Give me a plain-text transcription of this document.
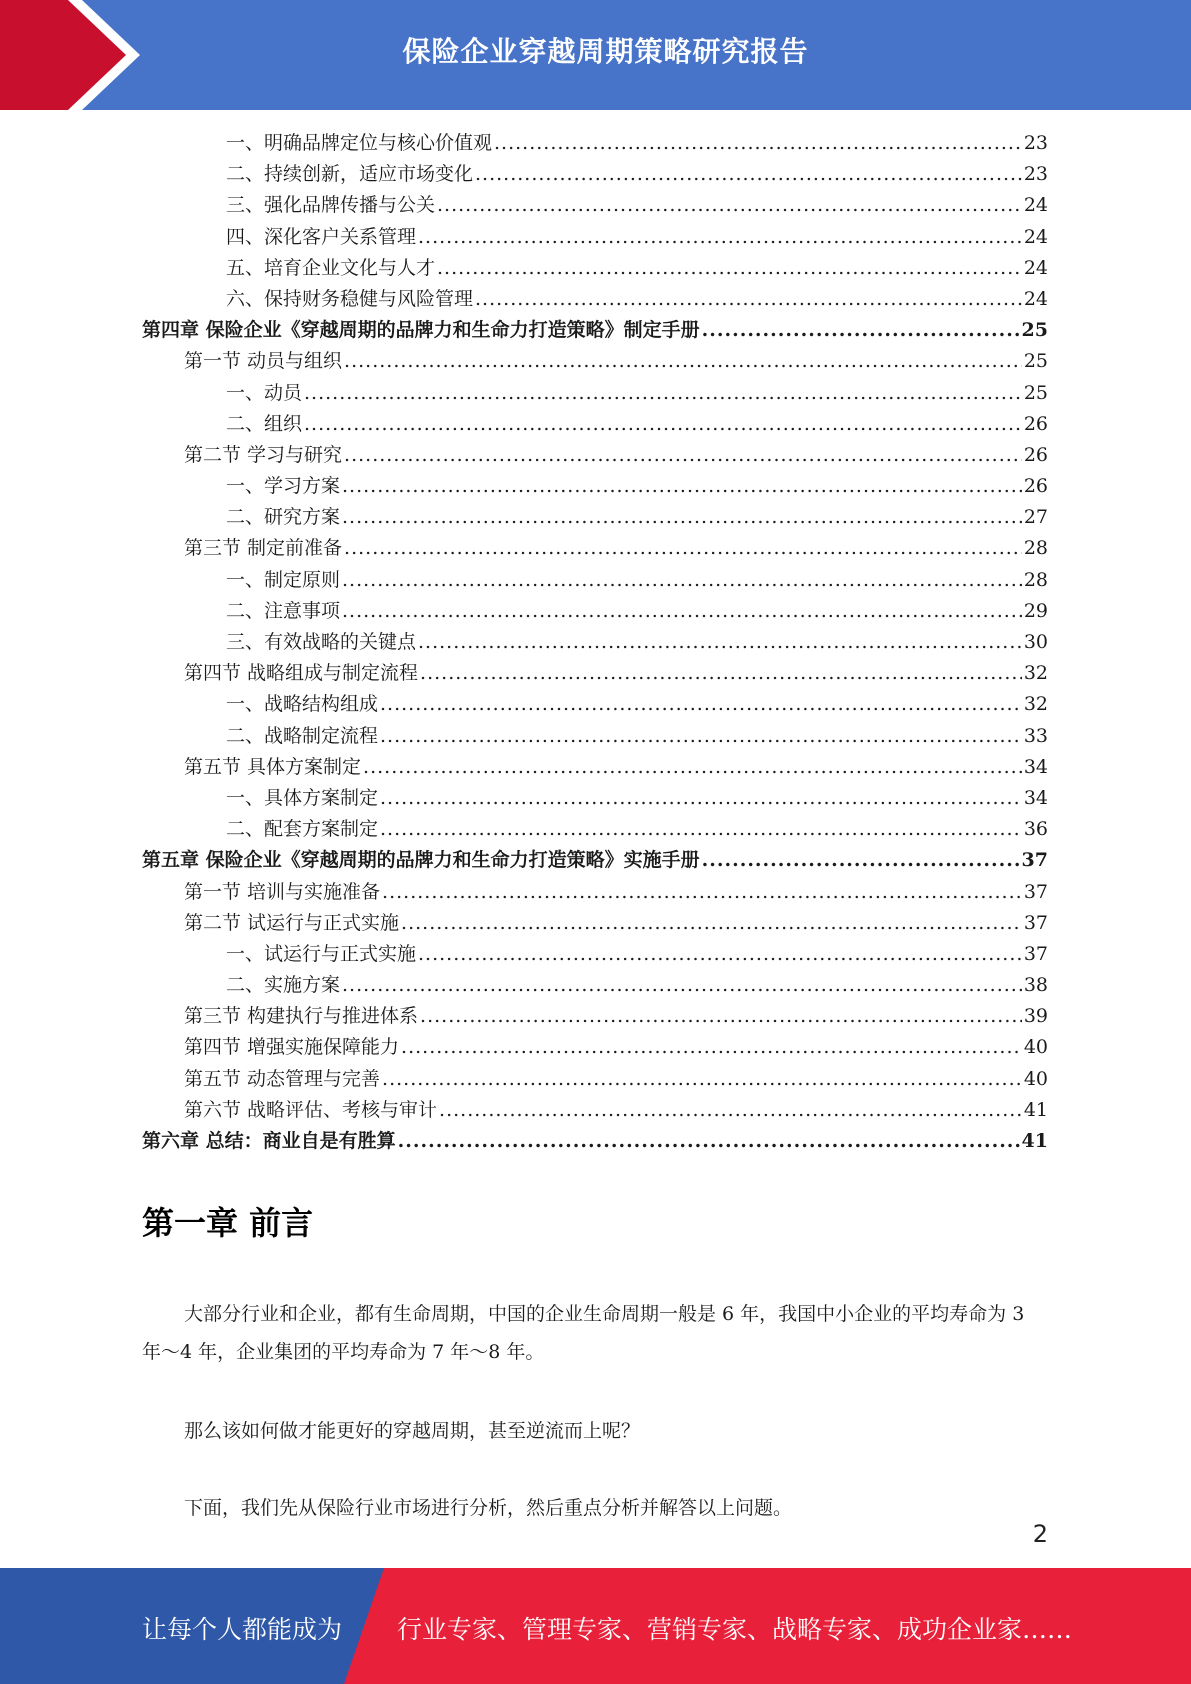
保险企业穿越周期策略研究报告
一、明确品牌定位与核心价值观 .....	23
二、持续创新，适应市场变化 .....	23
三、强化品牌传播与公关 .....	24
四、深化客户关系管理 .....	24
五、培育企业文化与人才 .....	24
六、保持财务稳健与风险管理 .....	24
第四章 保险企业《穿越周期的品牌力和生命力打造策略》制定手册 .....	25
第一节 动员与组织 .....	25
一、动员 .....	25
二、组织 .....	26
第二节 学习与研究 .....	26
一、学习方案 .....	26
二、研究方案 .....	27
第三节 制定前准备 .....	28
一、制定原则 .....	28
二、注意事项 .....	29
三、有效战略的关键点 .....	30
第四节 战略组成与制定流程 .....	32
一、战略结构组成 .....	32
二、战略制定流程 .....	33
第五节 具体方案制定 .....	34
一、具体方案制定 .....	34
二、配套方案制定 .....	36
第五章 保险企业《穿越周期的品牌力和生命力打造策略》实施手册 .....	37
第一节 培训与实施准备 .....	37
第二节 试运行与正式实施 .....	37
一、试运行与正式实施 .....	37
二、实施方案 .....	38
第三节 构建执行与推进体系 .....	39
第四节 增强实施保障能力 .....	40
第五节 动态管理与完善 .....	40
第六节 战略评估、考核与审计 .....	41
第六章 总结：商业自是有胜算 .....	41
第一章 前言
大部分行业和企业，都有生命周期，中国的企业生命周期一般是 6 年，我国中小企业的平均寿命为 3 年～4 年，企业集团的平均寿命为 7 年～8 年。
那么该如何做才能更好的穿越周期，甚至逆流而上呢？
下面，我们先从保险行业市场进行分析，然后重点分析并解答以上问题。
2
让每个人都能成为 行业专家、管理专家、营销专家、战略专家、成功企业家……
